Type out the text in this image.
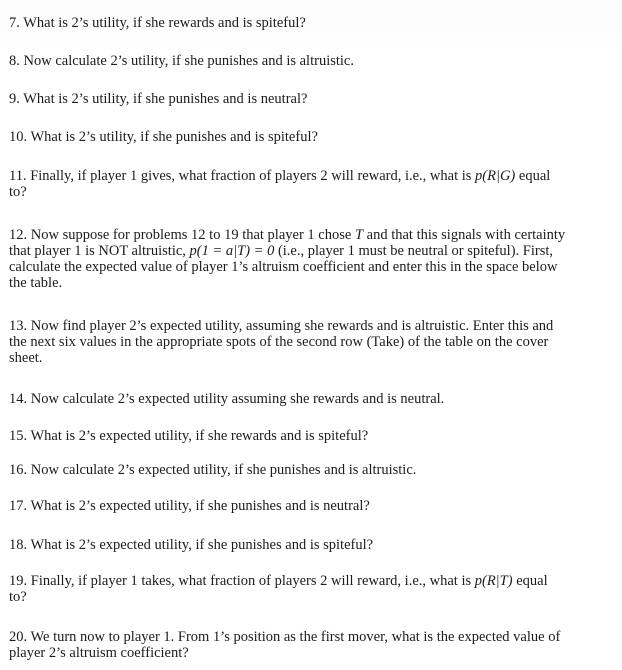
7. What is 2’s utility, if she rewards and is spiteful?

8. Now calculate 2’s utility, if she punishes and is altruistic.

9. What is 2’s utility, if she punishes and is neutral?

10. What is 2’s utility, if she punishes and is spiteful?

11. Finally, if player 1 gives, what fraction of players 2 will reward, i.e., what is p(R|G) equal
to?
12. Now suppose for problems 12 to 19 that player 1 chose T and that this signals with certainty
that player 1 is NOT altruistic, p(1 = a|T) = 0 (i.e., player 1 must be neutral or spiteful). First,
calculate the expected value of player 1’s altruism coefficient and enter this in the space below
the table.
13. Now find player 2’s expected utility, assuming she rewards and is altruistic. Enter this and
the next six values in the appropriate spots of the second row (Take) of the table on the cover
sheet.

14. Now calculate 2’s expected utility assuming she rewards and is neutral.

15. What is 2’s expected utility, if she rewards and is spiteful?

16. Now calculate 2’s expected utility, if she punishes and is altruistic.

17. What is 2’s expected utility, if she punishes and is neutral?

18. What is 2’s expected utility, if she punishes and is spiteful?

19. Finally, if player 1 takes, what fraction of players 2 will reward, i.e., what is p(R|T) equal
to?
20. We turn now to player 1. From 1’s position as the first mover, what is the expected value of
player 2’s altruism coefficient?
